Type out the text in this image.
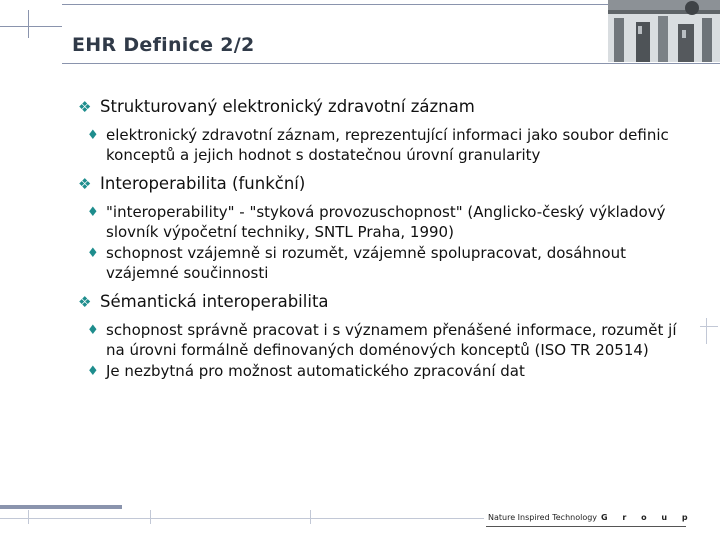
EHR Definice 2/2
❖ Strukturovaný elektronický zdravotní záznam
♦ elektronický zdravotní záznam, reprezentující informaci jako soubor definic konceptů a jejich hodnot s dostatečnou úrovní granularity
❖ Interoperabilita (funkční)
♦ "interoperability" - "styková provozuschopnost" (Anglicko-český výkladový slovník výpočetní techniky, SNTL Praha, 1990)
♦ schopnost vzájemně si rozumět, vzájemně spolupracovat, dosáhnout vzájemné součinnosti
❖ Sémantická interoperabilita
♦ schopnost správně pracovat i s významem přenášené informace, rozumět jí na úrovni formálně definovaných doménových konceptů (ISO TR 20514)
♦ Je nezbytná pro možnost automatického zpracování dat
Nature Inspired Technology G r o u p
